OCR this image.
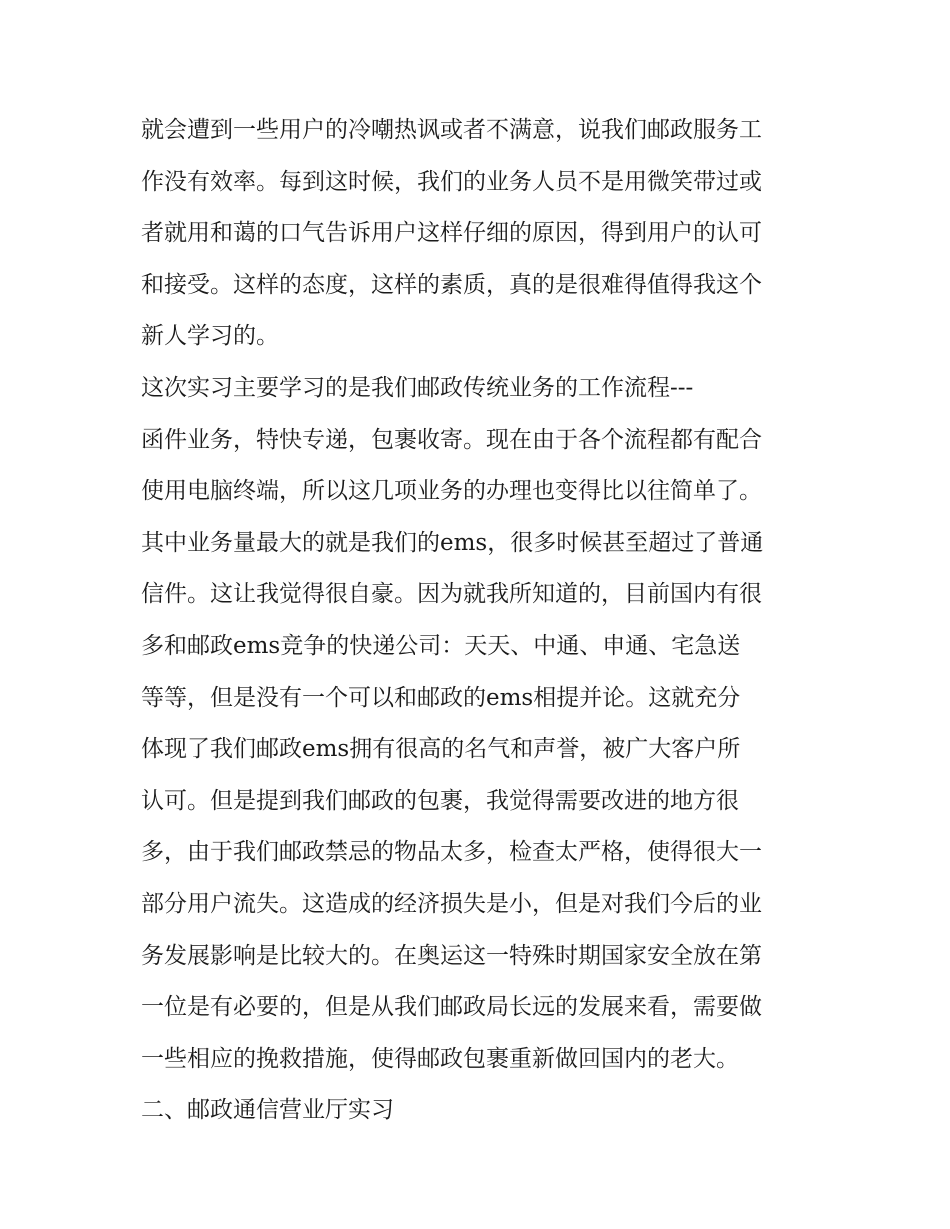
就会遭到一些用户的冷嘲热讽或者不满意，说我们邮政服务工
作没有效率。每到这时候，我们的业务人员不是用微笑带过或
者就用和蔼的口气告诉用户这样仔细的原因，得到用户的认可
和接受。这样的态度，这样的素质，真的是很难得值得我这个
新人学习的。
这次实习主要学习的是我们邮政传统业务的工作流程---
函件业务，特快专递，包裹收寄。现在由于各个流程都有配合
使用电脑终端，所以这几项业务的办理也变得比以往简单了。
其中业务量最大的就是我们的ems，很多时候甚至超过了普通
信件。这让我觉得很自豪。因为就我所知道的，目前国内有很
多和邮政ems竞争的快递公司：天天、中通、申通、宅急送
等等，但是没有一个可以和邮政的ems相提并论。这就充分
体现了我们邮政ems拥有很高的名气和声誉，被广大客户所
认可。但是提到我们邮政的包裹，我觉得需要改进的地方很
多，由于我们邮政禁忌的物品太多，检查太严格，使得很大一
部分用户流失。这造成的经济损失是小，但是对我们今后的业
务发展影响是比较大的。在奥运这一特殊时期国家安全放在第
一位是有必要的，但是从我们邮政局长远的发展来看，需要做
一些相应的挽救措施，使得邮政包裹重新做回国内的老大。
二、邮政通信营业厅实习
